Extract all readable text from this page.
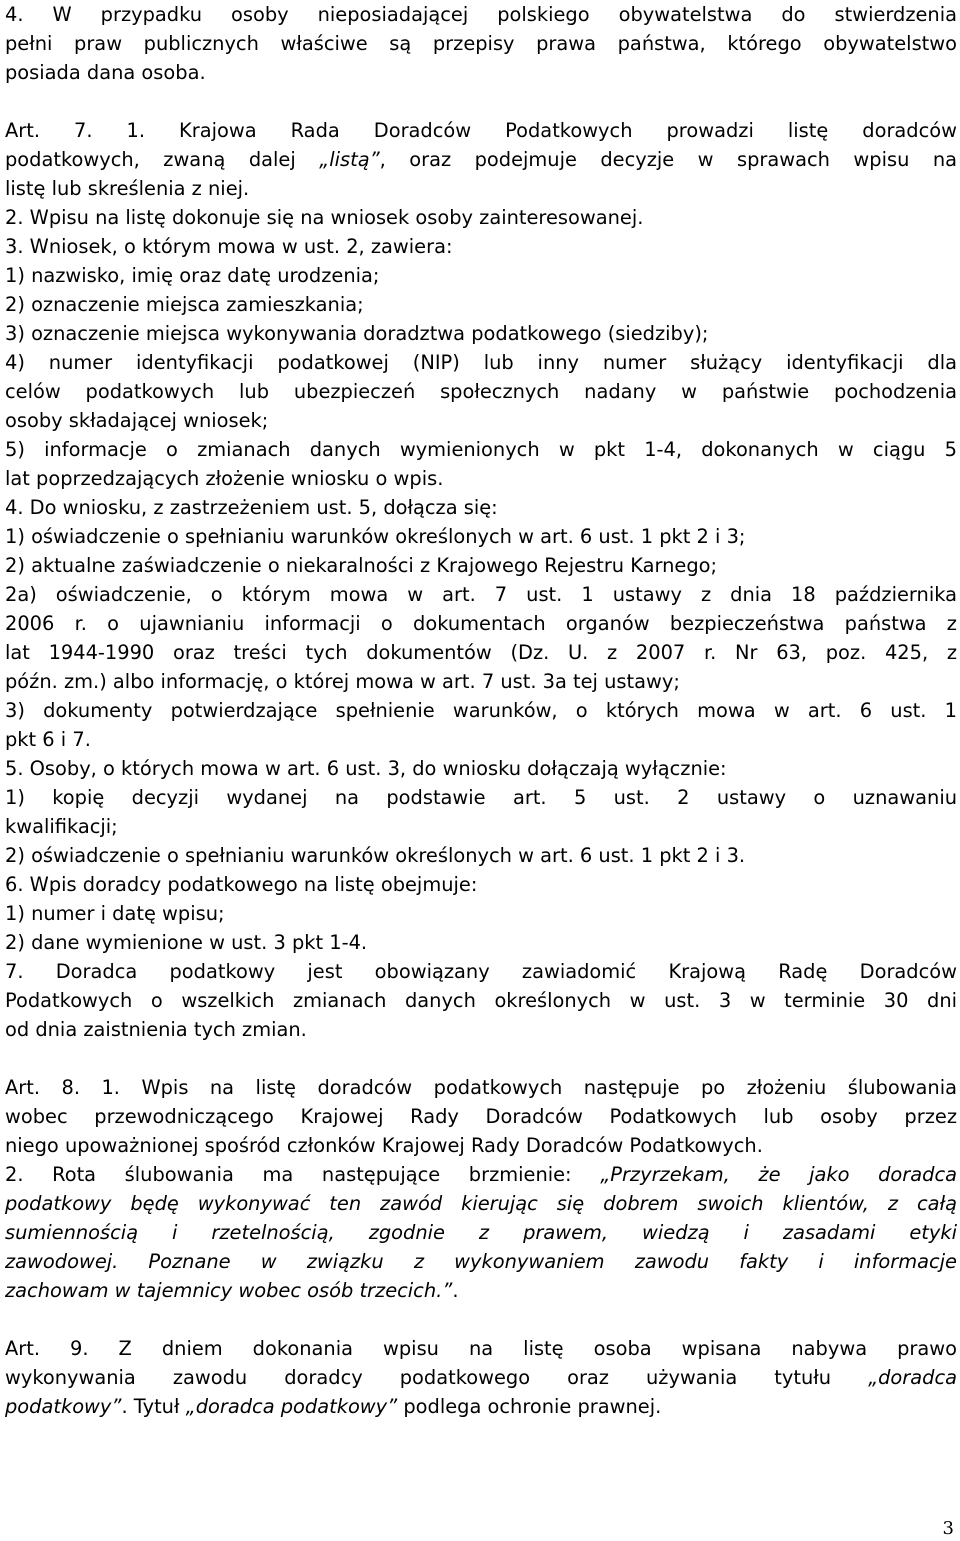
4. W przypadku osoby nieposiadającej polskiego obywatelstwa do stwierdzenia
pełni praw publicznych właściwe są przepisy prawa państwa, którego obywatelstwo
posiada dana osoba.
Art. 7. 1. Krajowa Rada Doradców Podatkowych prowadzi listę doradców
podatkowych, zwaną dalej „listą”, oraz podejmuje decyzje w sprawach wpisu na
listę lub skreślenia z niej.
2. Wpisu na listę dokonuje się na wniosek osoby zainteresowanej.
3. Wniosek, o którym mowa w ust. 2, zawiera:
1) nazwisko, imię oraz datę urodzenia;
2) oznaczenie miejsca zamieszkania;
3) oznaczenie miejsca wykonywania doradztwa podatkowego (siedziby);
4) numer identyfikacji podatkowej (NIP) lub inny numer służący identyfikacji dla
celów podatkowych lub ubezpieczeń społecznych nadany w państwie pochodzenia
osoby składającej wniosek;
5) informacje o zmianach danych wymienionych w pkt 1-4, dokonanych w ciągu 5
lat poprzedzających złożenie wniosku o wpis.
4. Do wniosku, z zastrzeżeniem ust. 5, dołącza się:
1) oświadczenie o spełnianiu warunków określonych w art. 6 ust. 1 pkt 2 i 3;
2) aktualne zaświadczenie o niekaralności z Krajowego Rejestru Karnego;
2a) oświadczenie, o którym mowa w art. 7 ust. 1 ustawy z dnia 18 października
2006 r. o ujawnianiu informacji o dokumentach organów bezpieczeństwa państwa z
lat 1944-1990 oraz treści tych dokumentów (Dz. U. z 2007 r. Nr 63, poz. 425, z
późn. zm.) albo informację, o której mowa w art. 7 ust. 3a tej ustawy;
3) dokumenty potwierdzające spełnienie warunków, o których mowa w art. 6 ust. 1
pkt 6 i 7.
5. Osoby, o których mowa w art. 6 ust. 3, do wniosku dołączają wyłącznie:
1) kopię decyzji wydanej na podstawie art. 5 ust. 2 ustawy o uznawaniu
kwalifikacji;
2) oświadczenie o spełnianiu warunków określonych w art. 6 ust. 1 pkt 2 i 3.
6. Wpis doradcy podatkowego na listę obejmuje:
1) numer i datę wpisu;
2) dane wymienione w ust. 3 pkt 1-4.
7. Doradca podatkowy jest obowiązany zawiadomić Krajową Radę Doradców
Podatkowych o wszelkich zmianach danych określonych w ust. 3 w terminie 30 dni
od dnia zaistnienia tych zmian.
Art. 8. 1. Wpis na listę doradców podatkowych następuje po złożeniu ślubowania
wobec przewodniczącego Krajowej Rady Doradców Podatkowych lub osoby przez
niego upoważnionej spośród członków Krajowej Rady Doradców Podatkowych.
2. Rota ślubowania ma następujące brzmienie: „Przyrzekam, że jako doradca
podatkowy będę wykonywać ten zawód kierując się dobrem swoich klientów, z całą
sumiennością i rzetelnością, zgodnie z prawem, wiedzą i zasadami etyki
zawodowej. Poznane w związku z wykonywaniem zawodu fakty i informacje
zachowam w tajemnicy wobec osób trzecich.”.
Art. 9. Z dniem dokonania wpisu na listę osoba wpisana nabywa prawo
wykonywania zawodu doradcy podatkowego oraz używania tytułu „doradca
podatkowy”. Tytuł „doradca podatkowy” podlega ochronie prawnej.
3
